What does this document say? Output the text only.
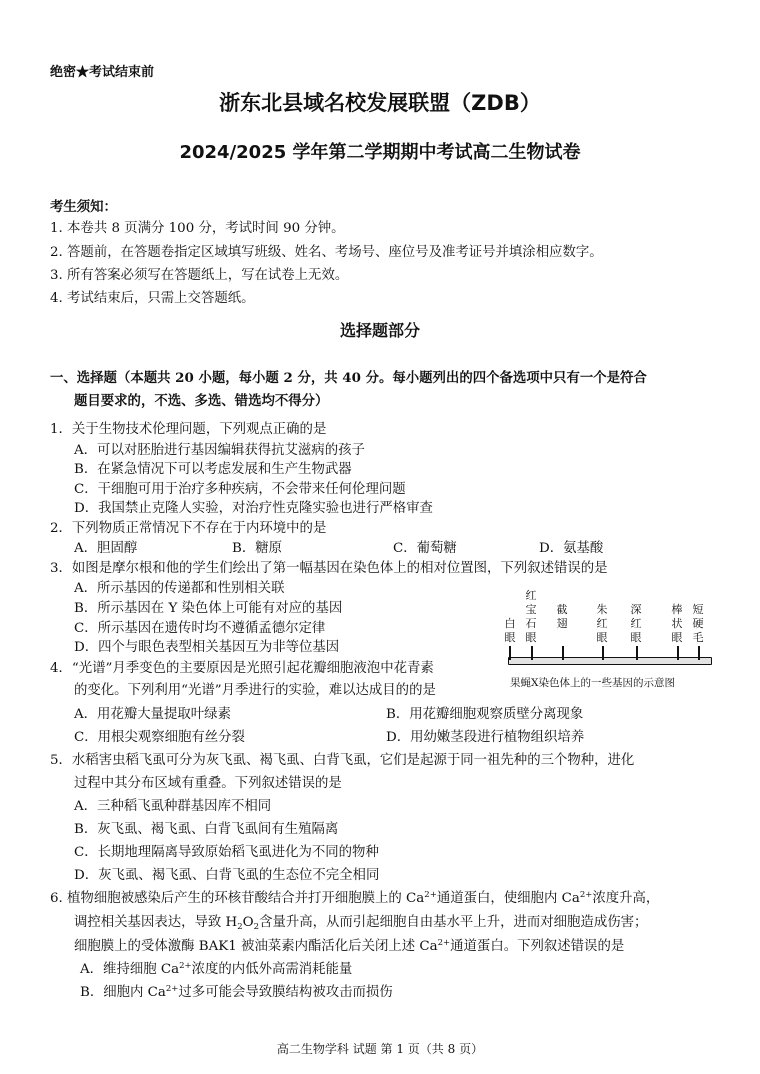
绝密★考试结束前
浙东北县域名校发展联盟（ZDB）
2024/2025 学年第二学期期中考试高二生物试卷
考生须知：
1. 本卷共 8 页满分 100 分，考试时间 90 分钟。
2. 答题前，在答题卷指定区域填写班级、姓名、考场号、座位号及准考证号并填涂相应数字。
3. 所有答案必须写在答题纸上，写在试卷上无效。
4. 考试结束后，只需上交答题纸。
选择题部分
一、选择题（本题共 20 小题，每小题 2 分，共 40 分。每小题列出的四个备选项中只有一个是符合
题目要求的，不选、多选、错选均不得分）
1．关于生物技术伦理问题，下列观点正确的是
A．可以对胚胎进行基因编辑获得抗艾滋病的孩子
B．在紧急情况下可以考虑发展和生产生物武器
C．干细胞可用于治疗多种疾病，不会带来任何伦理问题
D．我国禁止克隆人实验，对治疗性克隆实验也进行严格审查
2．下列物质正常情况下不存在于内环境中的是
A．胆固醇	B．糖原	C．葡萄糖	D．氨基酸
3．如图是摩尔根和他的学生们绘出了第一幅基因在染色体上的相对位置图，下列叙述错误的是
A．所示基因的传递都和性别相关联
B．所示基因在 Y 染色体上可能有对应的基因
C．所示基因在遗传时均不遵循孟德尔定律
D．四个与眼色表型相关基因互为非等位基因
白眼
红宝石眼
截翅
朱红眼
深红眼
棒状眼
短硬毛
果蝇X染色体上的一些基因的示意图
4．“光谱”月季变色的主要原因是光照引起花瓣细胞液泡中花青素
的变化。下列利用“光谱”月季进行的实验，难以达成目的的是
A．用花瓣大量提取叶绿素	B．用花瓣细胞观察质壁分离现象
C．用根尖观察细胞有丝分裂	D．用幼嫩茎段进行植物组织培养
5．水稻害虫稻飞虱可分为灰飞虱、褐飞虱、白背飞虱，它们是起源于同一祖先种的三个物种，进化
过程中其分布区域有重叠。下列叙述错误的是
A．三种稻飞虱种群基因库不相同
B．灰飞虱、褐飞虱、白背飞虱间有生殖隔离
C．长期地理隔离导致原始稻飞虱进化为不同的物种
D．灰飞虱、褐飞虱、白背飞虱的生态位不完全相同
6. 植物细胞被感染后产生的环核苷酸结合并打开细胞膜上的 $Ca^{2+}$通道蛋白，使细胞内 $Ca^{2+}$浓度升高，
调控相关基因表达，导致 $H_2O_2$含量升高，从而引起细胞自由基水平上升，进而对细胞造成伤害；
细胞膜上的受体激酶 BAK1 被油菜素内酯活化后关闭上述 $Ca^{2+}$通道蛋白。下列叙述错误的是
A．维持细胞 $Ca^{2+}$浓度的内低外高需消耗能量
B．细胞内 $Ca^{2+}$过多可能会导致膜结构被攻击而损伤
高二生物学科 试题 第 1 页（共 8 页）
